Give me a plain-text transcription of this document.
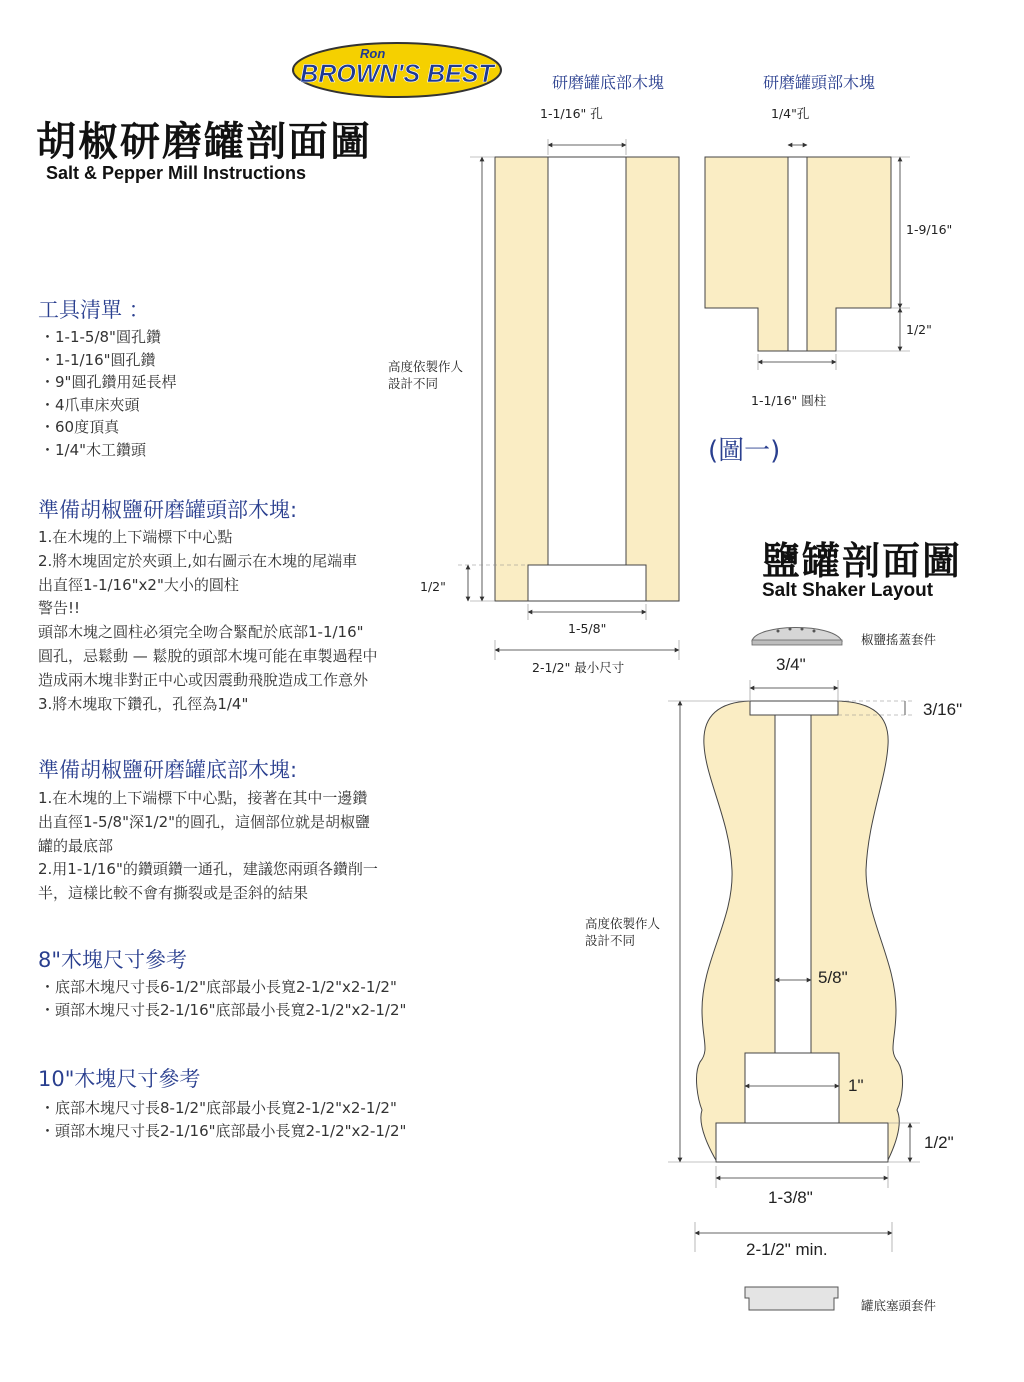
Ron
BROWN'S BEST
胡椒研磨罐剖面圖
Salt & Pepper Mill Instructions
工具清單 ：
・1-1-5/8"圓孔鑽
・1-1/16"圓孔鑽
・9"圓孔鑽用延長桿
・4爪車床夾頭
・60度頂真
・1/4"木工鑽頭
準備胡椒鹽研磨罐頭部木塊:
1.在木塊的上下端標下中心點
2.將木塊固定於夾頭上,如右圖示在木塊的尾端車
出直徑1-1/16"x2"大小的圓柱
警告!!
頭部木塊之圓柱必須完全吻合緊配於底部1-1/16"
圓孔，忌鬆動 — 鬆脫的頭部木塊可能在車製過程中
造成兩木塊非對正中心或因震動飛脫造成工作意外
3.將木塊取下鑽孔，孔徑為1/4"
準備胡椒鹽研磨罐底部木塊:
1.在木塊的上下端標下中心點，接著在其中一邊鑽
出直徑1-5/8"深1/2"的圓孔，這個部位就是胡椒鹽
罐的最底部
2.用1-1/16"的鑽頭鑽一通孔，建議您兩頭各鑽削一
半，這樣比較不會有撕裂或是歪斜的結果
8"木塊尺寸參考
・底部木塊尺寸長6-1/2"底部最小長寬2-1/2"x2-1/2"
・頭部木塊尺寸長2-1/16"底部最小長寬2-1/2"x2-1/2"
10"木塊尺寸參考
・底部木塊尺寸長8-1/2"底部最小長寬2-1/2"x2-1/2"
・頭部木塊尺寸長2-1/16"底部最小長寬2-1/2"x2-1/2"
研磨罐底部木塊	研磨罐頭部木塊
1-1/16" 孔	1/4"孔
高度依製作人
設計不同
1/2"
1-5/8"
2-1/2" 最小尺寸
1-9/16"
1/2"
1-1/16" 圓柱
(圖一)
鹽罐剖面圖
Salt Shaker Layout
椒鹽搖蓋套件
3/4"
3/16"
高度依製作人
設計不同
5/8"
1"
1/2"
1-3/8"
2-1/2" min.
罐底塞頭套件
